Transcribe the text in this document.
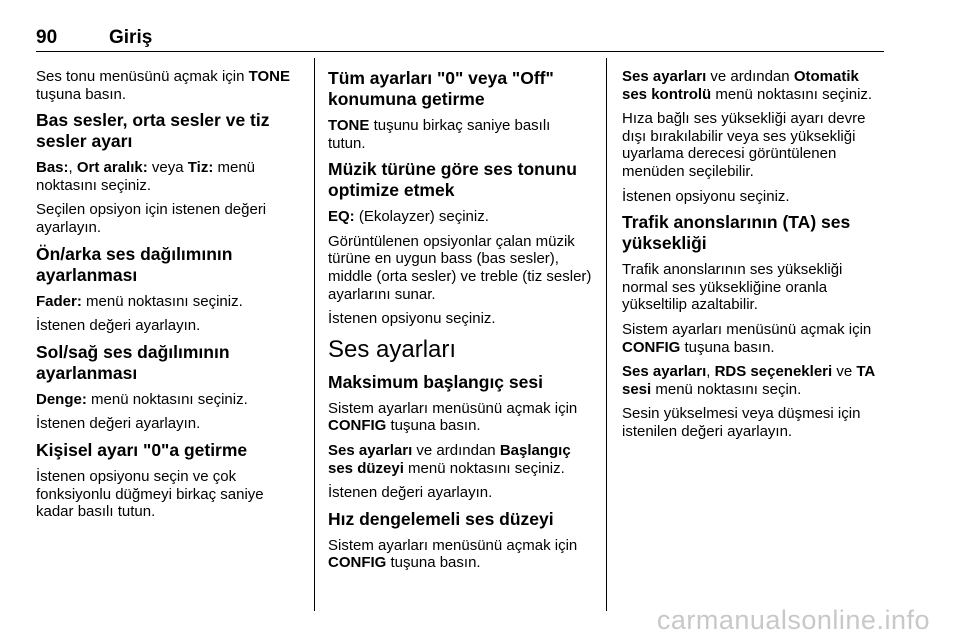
90	Giriş

Ses tonu menüsünü açmak için TONE tuşuna basın.

Bas sesler, orta sesler ve tiz sesler ayarı

Bas:, Ort aralık: veya Tiz: menü noktasını seçiniz.

Seçilen opsiyon için istenen değeri ayarlayın.

Ön/arka ses dağılımının ayarlanması

Fader: menü noktasını seçiniz.

İstenen değeri ayarlayın.

Sol/sağ ses dağılımının ayarlanması

Denge: menü noktasını seçiniz.

İstenen değeri ayarlayın.

Kişisel ayarı "0"a getirme

İstenen opsiyonu seçin ve çok fonksiyonlu düğmeyi birkaç saniye kadar basılı tutun.

Tüm ayarları "0" veya "Off" konumuna getirme

TONE tuşunu birkaç saniye basılı tutun.

Müzik türüne göre ses tonunu optimize etmek

EQ: (Ekolayzer) seçiniz.

Görüntülenen opsiyonlar çalan müzik türüne en uygun bass (bas sesler), middle (orta sesler) ve treble (tiz sesler) ayarlarını sunar.

İstenen opsiyonu seçiniz.

Ses ayarları
Maksimum başlangıç sesi

Sistem ayarları menüsünü açmak için CONFIG tuşuna basın.

Ses ayarları ve ardından Başlangıç ses düzeyi menü noktasını seçiniz.

İstenen değeri ayarlayın.

Hız dengelemeli ses düzeyi

Sistem ayarları menüsünü açmak için CONFIG tuşuna basın.

Ses ayarları ve ardından Otomatik ses kontrolü menü noktasını seçiniz.

Hıza bağlı ses yüksekliği ayarı devre dışı bırakılabilir veya ses yüksekliği uyarlama derecesi görüntülenen menüden seçilebilir.

İstenen opsiyonu seçiniz.

Trafik anonslarının (TA) ses yüksekliği

Trafik anonslarının ses yüksekliği normal ses yüksekliğine oranla yükseltilip azaltabilir.

Sistem ayarları menüsünü açmak için CONFIG tuşuna basın.

Ses ayarları, RDS seçenekleri ve TA sesi menü noktasını seçin.

Sesin yükselmesi veya düşmesi için istenilen değeri ayarlayın.

carmanualsonline.info
